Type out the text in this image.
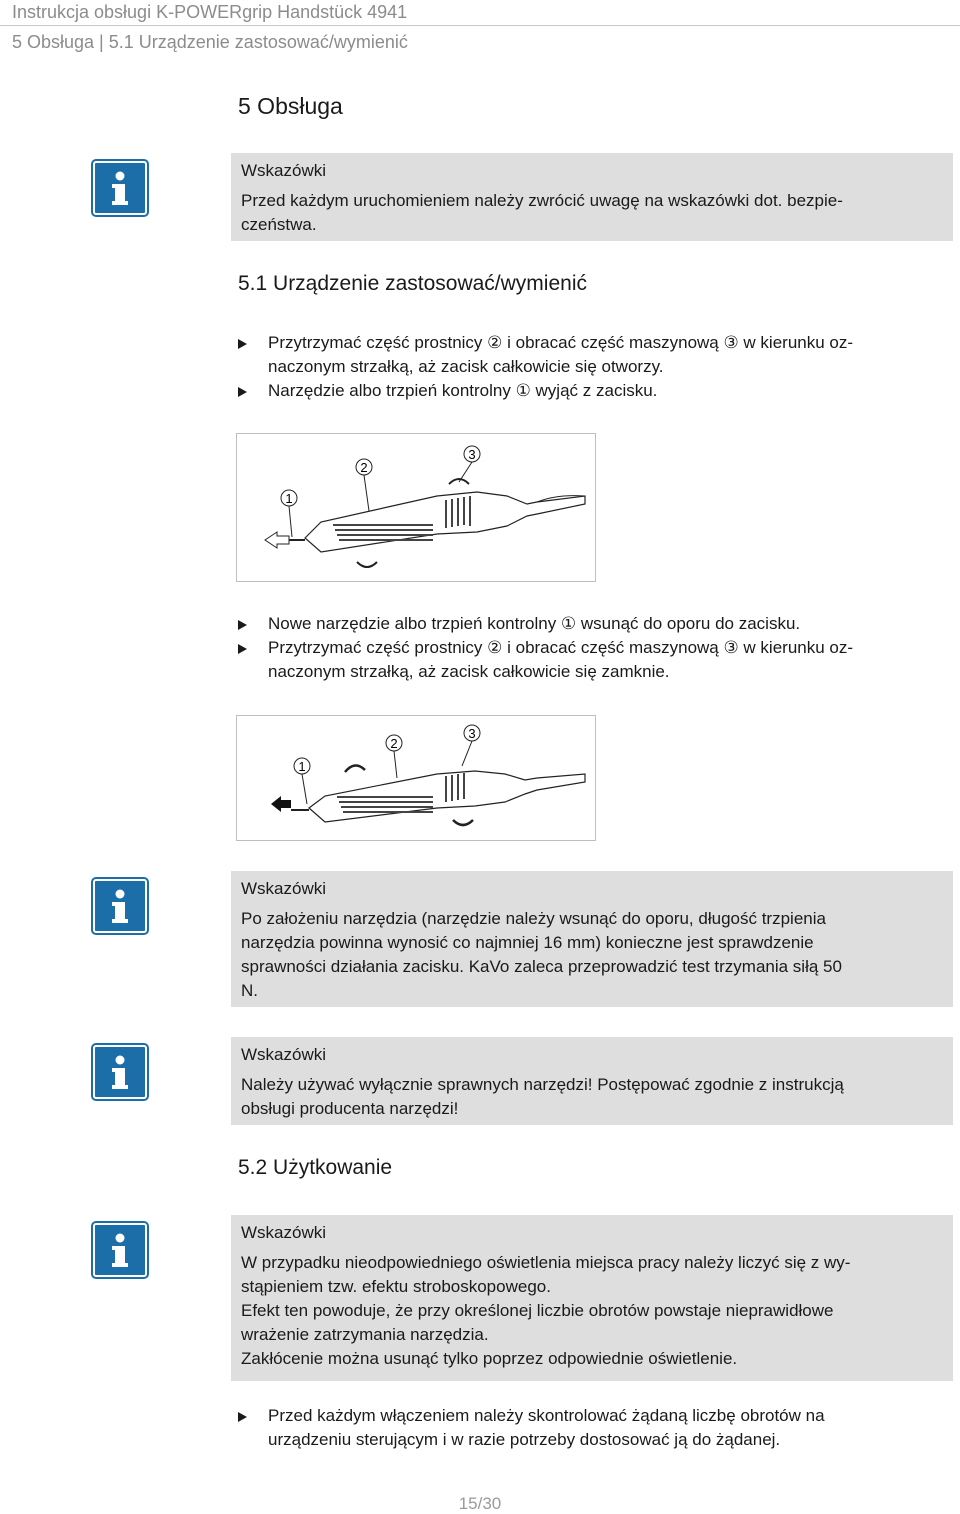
Instrukcja obsługi K-POWERgrip Handstück 4941
5 Obsługa | 5.1 Urządzenie zastosować/wymienić
5 Obsługa
Wskazówki

Przed każdym uruchomieniem należy zwrócić uwagę na wskazówki dot. bezpie-

czeństwa.

5.1 Urządzenie zastosować/wymienić
Przytrzymać część prostnicy ② i obracać część maszynową ③ w kierunku oz-
naczonym strzałką, aż zacisk całkowicie się otworzy.
Narzędzie albo trzpień kontrolny ① wyjąć z zacisku.
1
2
3
Nowe narzędzie albo trzpień kontrolny ① wsunąć do oporu do zacisku.
Przytrzymać część prostnicy ② i obracać część maszynową ③ w kierunku oz-
naczonym strzałką, aż zacisk całkowicie się zamknie.
1
2
3
Wskazówki

Po założeniu narzędzia (narzędzie należy wsunąć do oporu, długość trzpienia

narzędzia powinna wynosić co najmniej 16 mm) konieczne jest sprawdzenie

sprawności działania zacisku. KaVo zaleca przeprowadzić test trzymania siłą 50

N.

Wskazówki

Należy używać wyłącznie sprawnych narzędzi! Postępować zgodnie z instrukcją

obsługi producenta narzędzi!

5.2 Użytkowanie
Wskazówki

W przypadku nieodpowiedniego oświetlenia miejsca pracy należy liczyć się z wy-

stąpieniem tzw. efektu stroboskopowego.

Efekt ten powoduje, że przy określonej liczbie obrotów powstaje nieprawidłowe

wrażenie zatrzymania narzędzia.

Zakłócenie można usunąć tylko poprzez odpowiednie oświetlenie.

Przed każdym włączeniem należy skontrolować żądaną liczbę obrotów na
urządzeniu sterującym i w razie potrzeby dostosować ją do żądanej.
15/30
